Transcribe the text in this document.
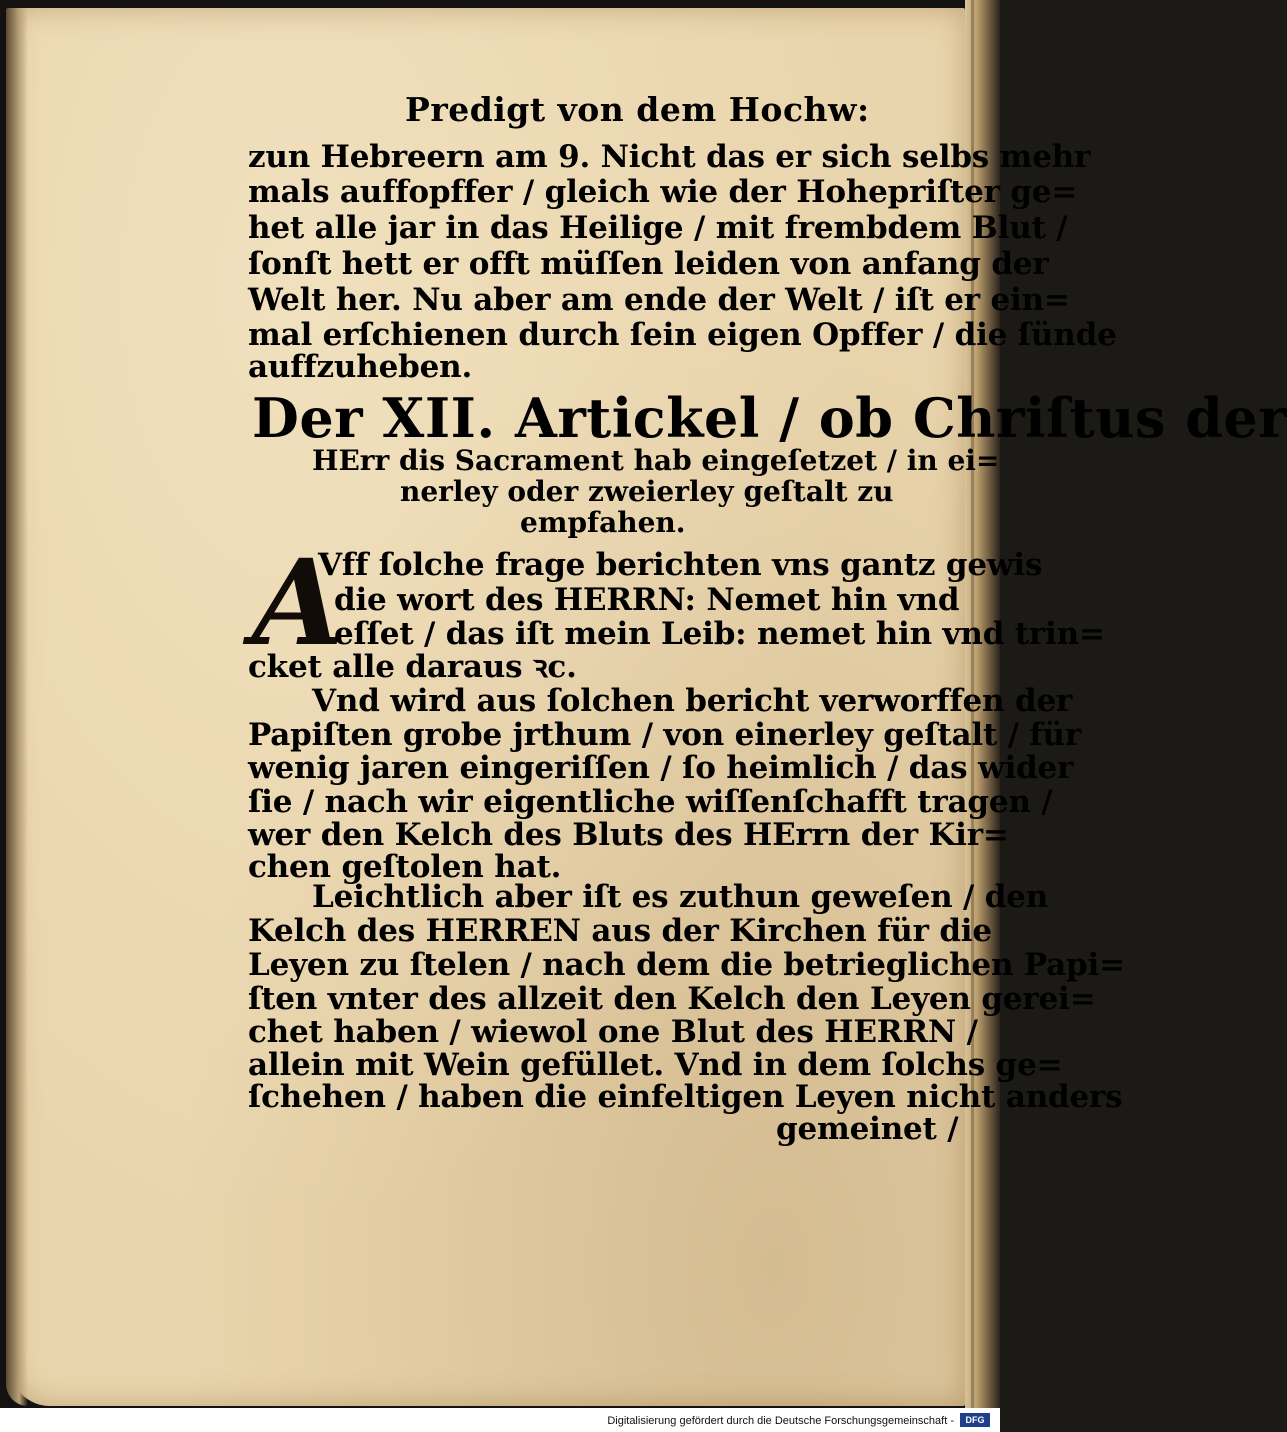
Predigt von dem Hochw:
zun Hebreern am 9. Nicht das er sich selbs mehr
mals auffopffer / gleich wie der Hohepriſter ge=
het alle jar in das Heilige / mit frembdem Blut /
ſonſt hett er offt müſſen leiden von anfang der
Welt her. Nu aber am ende der Welt / iſt er ein=
mal erſchienen durch ſein eigen Opffer / die ſünde
auffzuheben.
Der XII. Artickel / ob Chriſtus der
HErr dis Sacrament hab eingeſetzet / in ei=
nerley oder zweierley geſtalt zu
empfahen.
A
Vff ſolche frage berichten vns gantz gewis
die wort des HERRN: Nemet hin vnd
eſſet / das iſt mein Leib: nemet hin vnd trin=
cket alle daraus ꝛc.
Vnd wird aus ſolchen bericht verworffen der
Papiſten grobe jrthum / von einerley geſtalt / für
wenig jaren eingeriſſen / ſo heimlich / das wider
ſie / nach wir eigentliche wiſſenſchafft tragen /
wer den Kelch des Bluts des HErrn der Kir=
chen geſtolen hat.
Leichtlich aber iſt es zuthun geweſen / den
Kelch des HERREN aus der Kirchen für die
Leyen zu ſtelen / nach dem die betrieglichen Papi=
ſten vnter des allzeit den Kelch den Leyen gerei=
chet haben / wiewol one Blut des HERRN /
allein mit Wein gefüllet. Vnd in dem ſolchs ge=
ſchehen / haben die einfeltigen Leyen nicht anders
gemeinet /
Digitalisierung gefördert durch die Deutsche Forschungsgemeinschaft -	DFG
